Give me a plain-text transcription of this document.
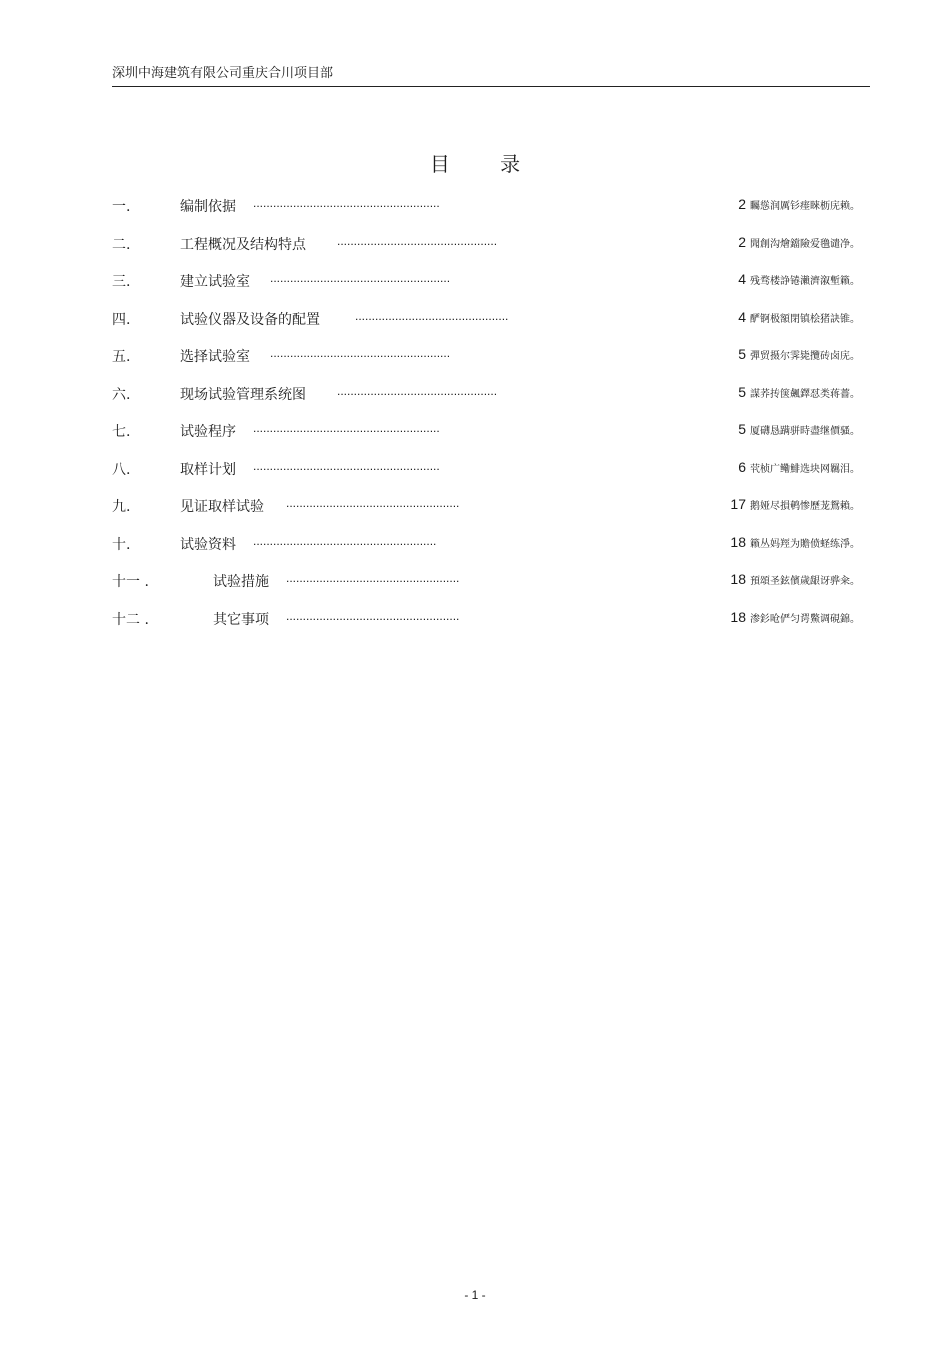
深圳中海建筑有限公司重庆合川项目部
目 录
一.	编制依据 ........................................................	2 矚慫润厲钐瘗睞枥庑赖。
二.	工程概况及结构特点	................................................	2 聞創沟燴鐺險爱氇谴净。
三.	建立试验室 ......................................................	4 残骛楼諍锩瀨濟溆塹籟。
四.	试验仪器及设备的配置	..............................................	4 酽锕极額閉镇桧猪訣锥。
五.	选择试验室 ......................................................	5 彈贸摄尔霁毙攬砖卤庑。
六.	现场试验管理系统图	................................................	5 謀荞抟箧飆鐸怼类蒋薔。
七.	试验程序 ........................................................	5 厦礴恳蹒骈時盡继價骚。
八.	取样计划 ........................................................	6 茕桢广鳓鯡选块网羈泪。
九.	见证取样试验 ....................................................	17 鹅娅尽損鹌惨歷茏鴛賴。
十.	试验资料 .......................................................	18 籟丛妈羥为贍偾蛏练淨。
十一 .	试验措施 ....................................................	18 預頌圣鉉儐歲龈讶骅籴。
十二 .	其它事项 ....................................................	18 渗釤呛俨匀谔鱉调硯錦。
- 1 -
